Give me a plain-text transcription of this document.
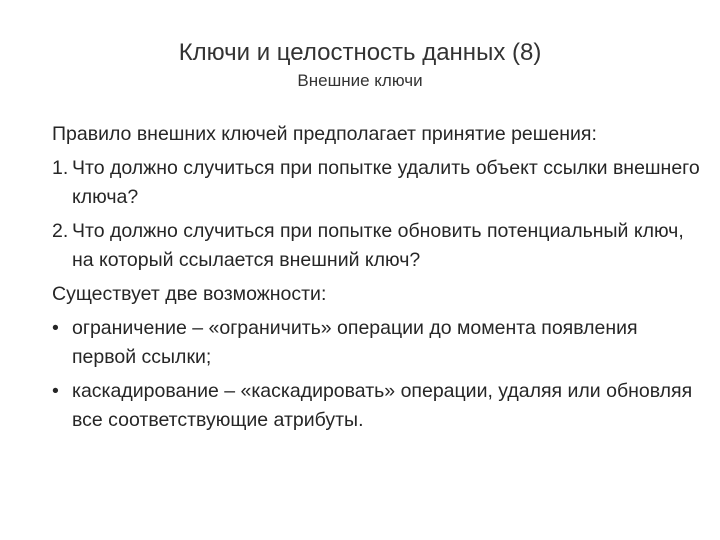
Ключи и целостность данных (8)
Внешние ключи

Правило внешних ключей предполагает принятие решения:

1. Что должно случиться при попытке удалить объект ссылки внешнего ключа?
2. Что должно случиться при попытке обновить потенциальный ключ, на который ссылается внешний ключ?

Существует две возможности:

• ограничение – «ограничить» операции до момента появления первой ссылки;
• каскадирование – «каскадировать» операции, удаляя или обновляя все соответствующие атрибуты.
